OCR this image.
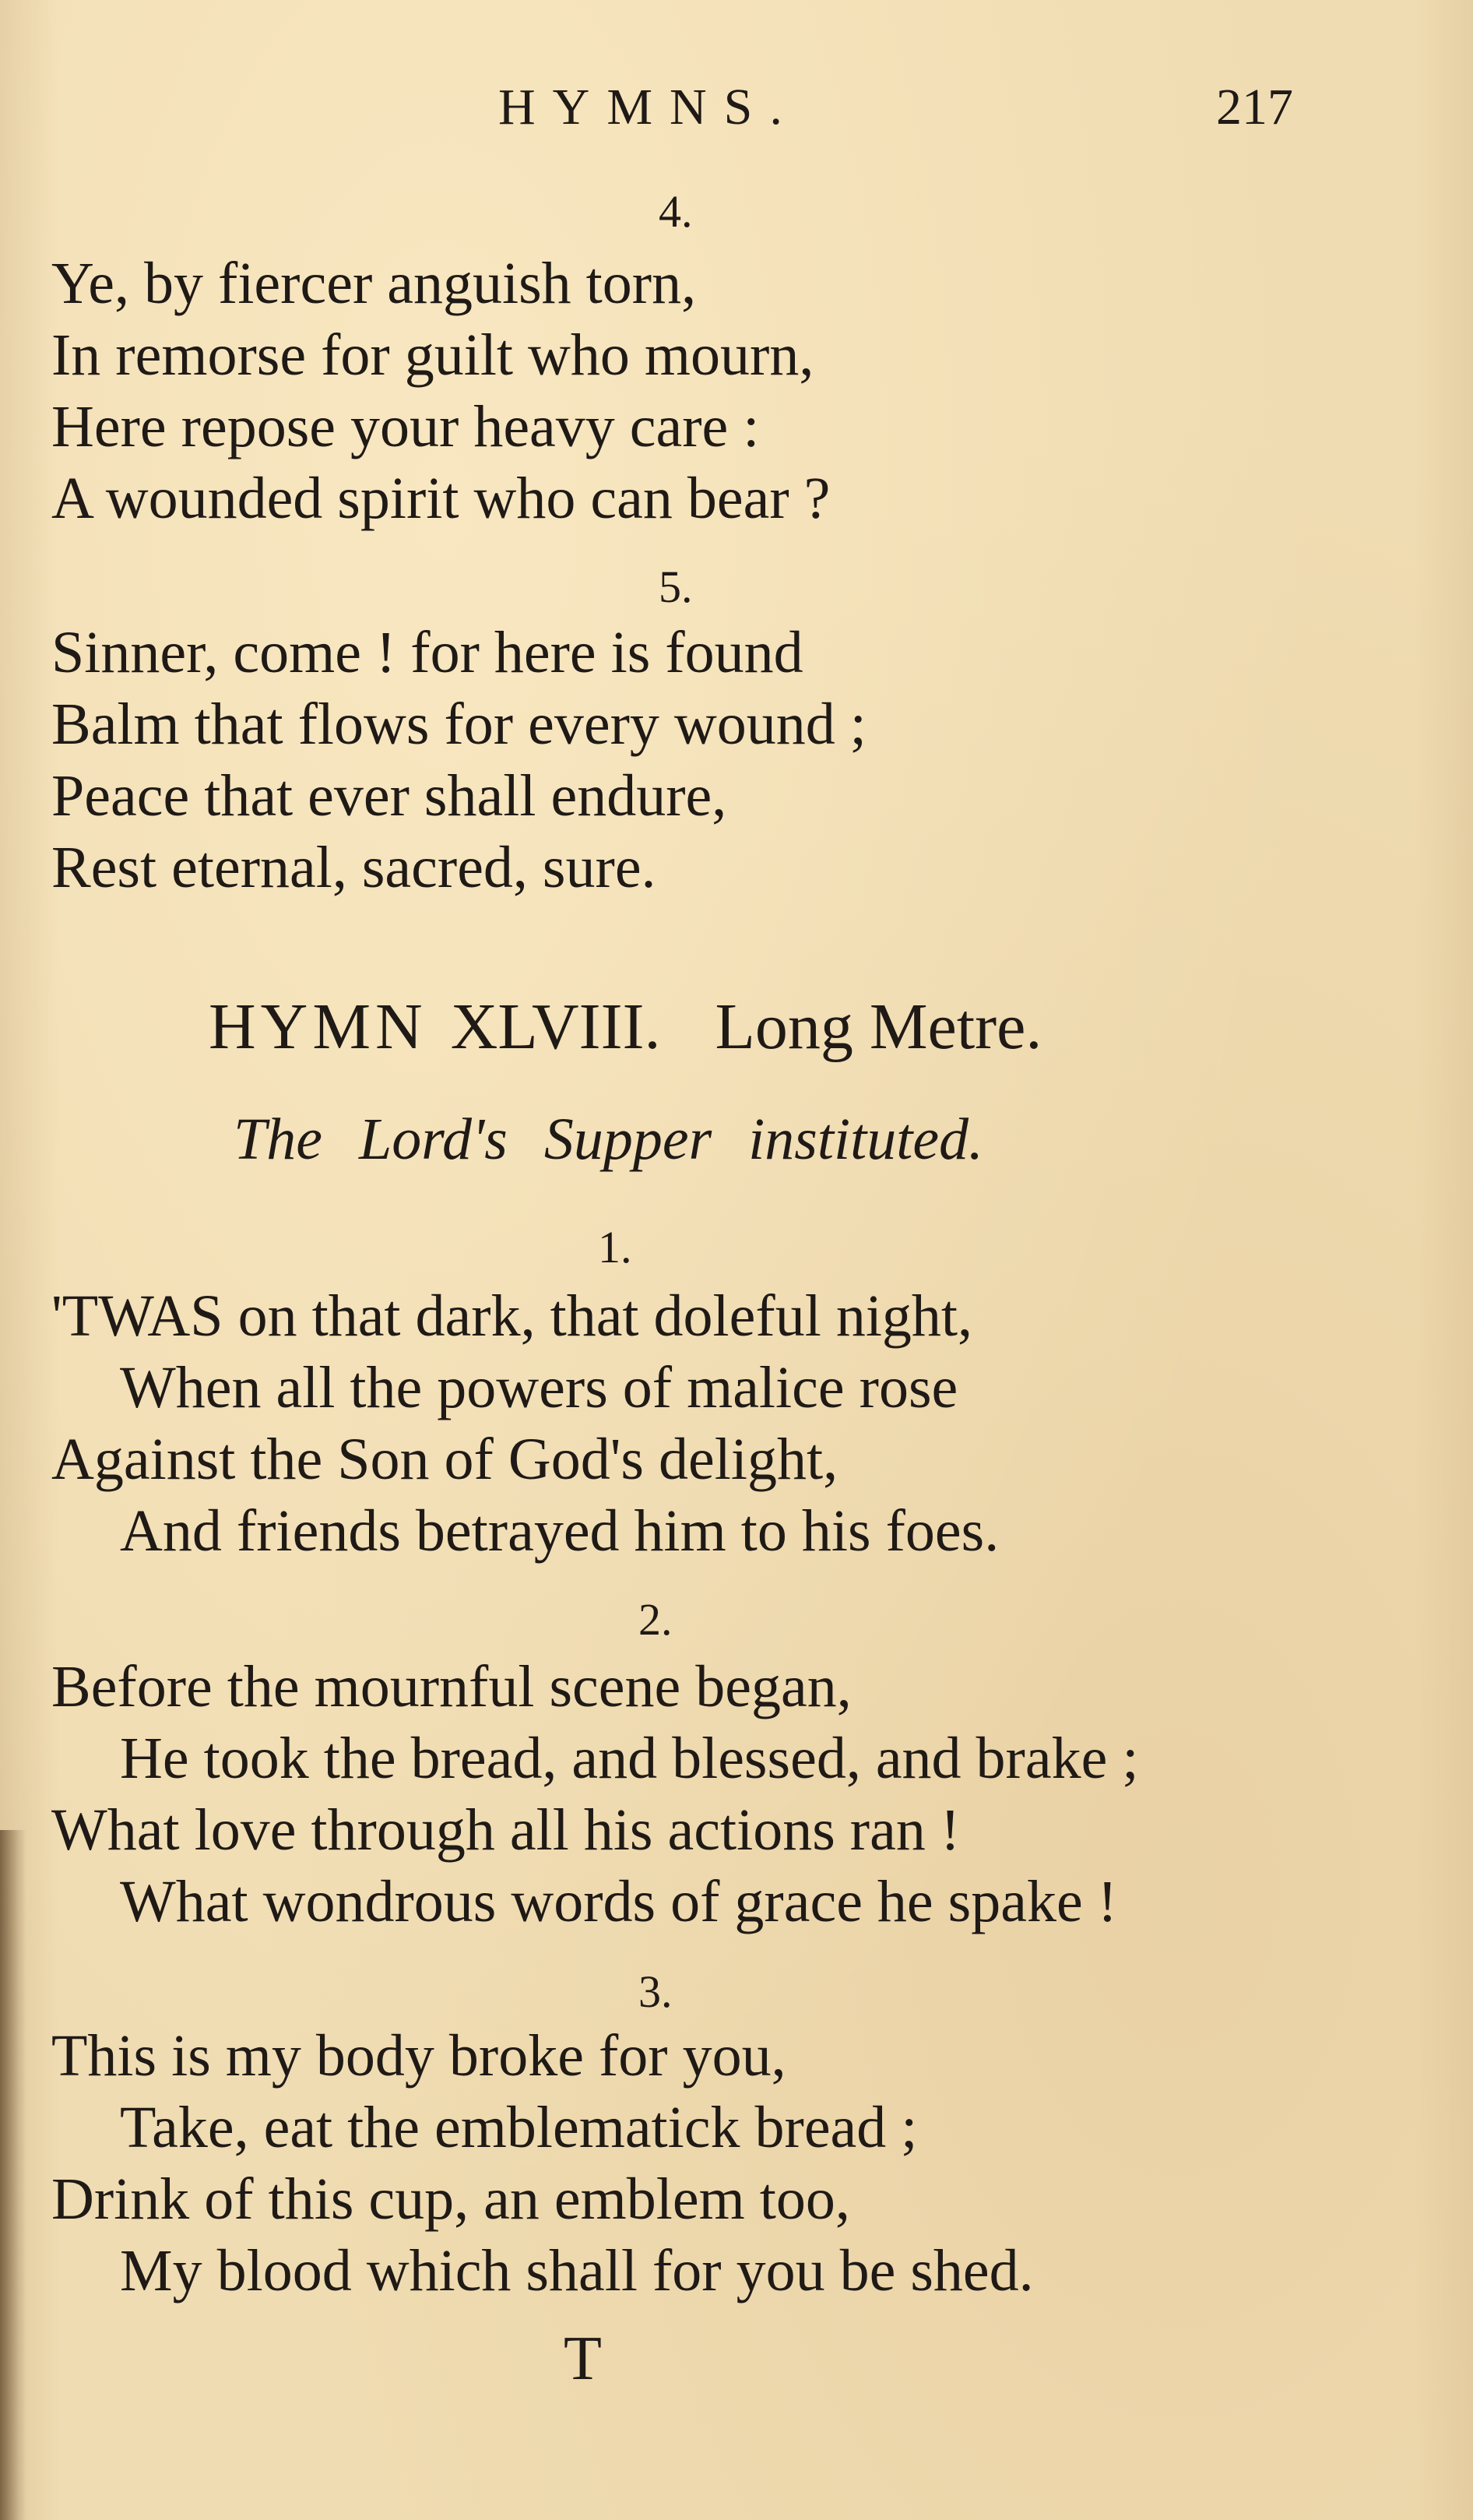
HYMNS.	217
4.
Ye, by fiercer anguish torn,
In remorse for guilt who mourn,
Here repose your heavy care :
A wounded spirit who can bear ?
5.
Sinner, come ! for here is found
Balm that flows for every wound ;
Peace that ever shall endure,
Rest eternal, sacred, sure.
HYMN XLVIII. Long Metre.
The Lord's Supper instituted.
1.
'TWAS on that dark, that doleful night,
When all the powers of malice rose
Against the Son of God's delight,
And friends betrayed him to his foes.
2.
Before the mournful scene began,
He took the bread, and blessed, and brake ;
What love through all his actions ran !
What wondrous words of grace he spake !
3.
This is my body broke for you,
Take, eat the emblematick bread ;
Drink of this cup, an emblem too,
My blood which shall for you be shed.
T
